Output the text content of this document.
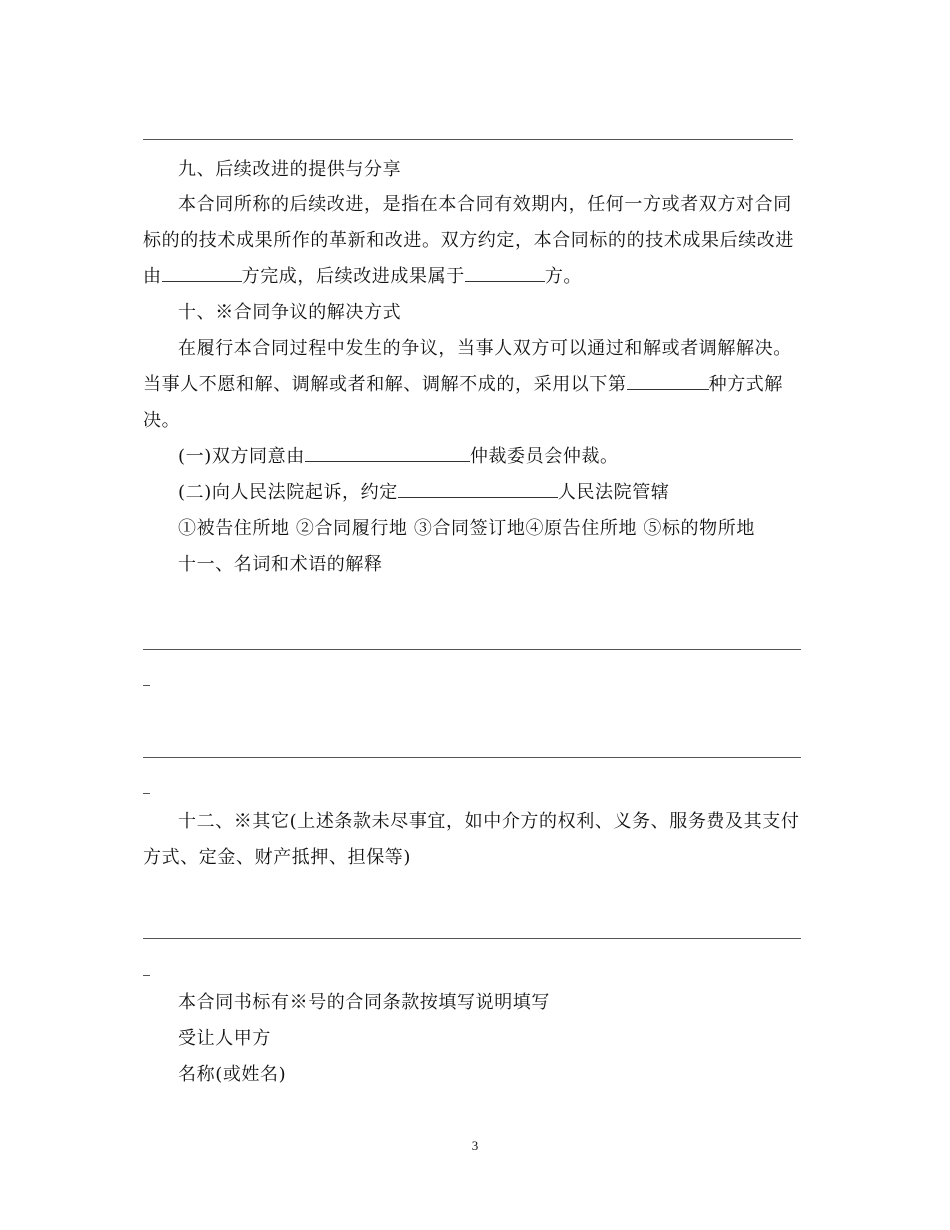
九、后续改进的提供与分享
本合同所称的后续改进，是指在本合同有效期内，任何一方或者双方对合同
标的的技术成果所作的革新和改进。双方约定，本合同标的的技术成果后续改进
由	方完成，后续改进成果属于	方。
十、※合同争议的解决方式
在履行本合同过程中发生的争议，当事人双方可以通过和解或者调解解决。
当事人不愿和解、调解或者和解、调解不成的，采用以下第	种方式解
决。
(一)双方同意由	仲裁委员会仲裁。
(二)向人民法院起诉，约定	人民法院管辖
①被告住所地 ②合同履行地 ③合同签订地④原告住所地 ⑤标的物所地
十一、名词和术语的解释
十二、※其它(上述条款未尽事宜，如中介方的权利、义务、服务费及其支付
方式、定金、财产抵押、担保等)
本合同书标有※号的合同条款按填写说明填写
受让人甲方
名称(或姓名)
3
